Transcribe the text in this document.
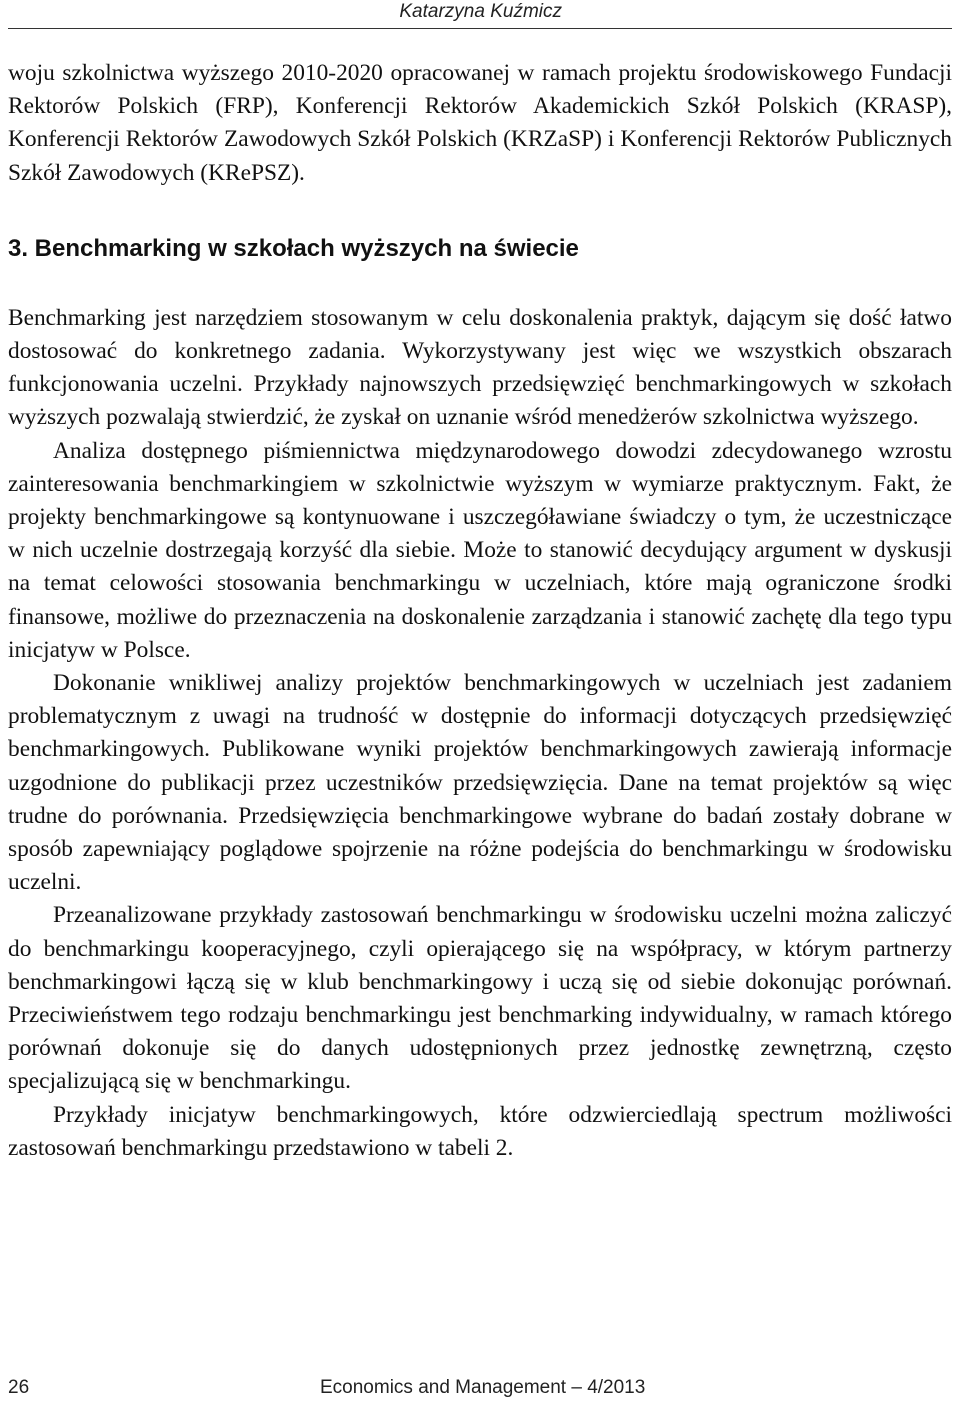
Katarzyna Kuźmicz

woju szkolnictwa wyższego 2010-2020 opracowanej w ramach projektu środowiskowego Fundacji Rektorów Polskich (FRP), Konferencji Rektorów Akademickich Szkół Polskich (KRASP), Konferencji Rektorów Zawodowych Szkół Polskich (KRZaSP) i Konferencji Rektorów Publicznych Szkół Zawodowych (KRePSZ).

3. Benchmarking w szkołach wyższych na świecie

Benchmarking jest narzędziem stosowanym w celu doskonalenia praktyk, dającym się dość łatwo dostosować do konkretnego zadania. Wykorzystywany jest więc we wszystkich obszarach funkcjonowania uczelni. Przykłady najnowszych przedsięwzięć benchmarkingowych w szkołach wyższych pozwalają stwierdzić, że zyskał on uznanie wśród menedżerów szkolnictwa wyższego.

Analiza dostępnego piśmiennictwa międzynarodowego dowodzi zdecydowanego wzrostu zainteresowania benchmarkingiem w szkolnictwie wyższym w wymiarze praktycznym. Fakt, że projekty benchmarkingowe są kontynuowane i uszczegóławiane świadczy o tym, że uczestniczące w nich uczelnie dostrzegają korzyść dla siebie. Może to stanowić decydujący argument w dyskusji na temat celowości stosowania benchmarkingu w uczelniach, które mają ograniczone środki finansowe, możliwe do przeznaczenia na doskonalenie zarządzania i stanowić zachętę dla tego typu inicjatyw w Polsce.

Dokonanie wnikliwej analizy projektów benchmarkingowych w uczelniach jest zadaniem problematycznym z uwagi na trudność w dostępnie do informacji dotyczących przedsięwzięć benchmarkingowych. Publikowane wyniki projektów benchmarkingowych zawierają informacje uzgodnione do publikacji przez uczestników przedsięwzięcia. Dane na temat projektów są więc trudne do porównania. Przedsięwzięcia benchmarkingowe wybrane do badań zostały dobrane w sposób zapewniający poglądowe spojrzenie na różne podejścia do benchmarkingu w środowisku uczelni.

Przeanalizowane przykłady zastosowań benchmarkingu w środowisku uczelni można zaliczyć do benchmarkingu kooperacyjnego, czyli opierającego się na współpracy, w którym partnerzy benchmarkingowi łączą się w klub benchmarkingowy i uczą się od siebie dokonując porównań. Przeciwieństwem tego rodzaju benchmarkingu jest benchmarking indywidualny, w ramach którego porównań dokonuje się do danych udostępnionych przez jednostkę zewnętrzną, często specjalizującą się w benchmarkingu.

Przykłady inicjatyw benchmarkingowych, które odzwierciedlają spectrum możliwości zastosowań benchmarkingu przedstawiono w tabeli 2.

26	Economics and Management – 4/2013
